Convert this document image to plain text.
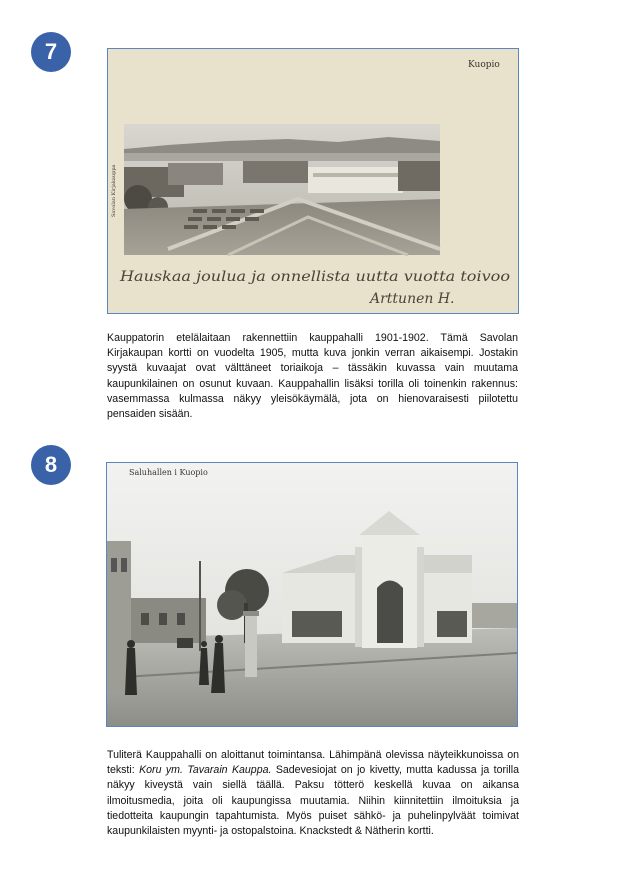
7
Kuopio
Savolan Kirjakauppa
Hauskaa joulua ja onnellista uutta vuotta toivoo
Arttunen H.

Kauppatorin etelälaitaan rakennettiin kauppahalli 1901-1902. Tämä Savolan Kirjakaupan kortti on vuodelta 1905, mutta kuva jonkin verran aikaisempi. Jostakin syystä kuvaajat ovat välttäneet toriaikoja – tässäkin kuvassa vain muutama kaupunkilainen on osunut kuvaan. Kauppahallin lisäksi torilla oli toinenkin rakennus: vasemmassa kulmassa näkyy yleisökäymälä, jota on hienovaraisesti piilotettu pensaiden sisään.

8	Saluhallen i Kuopio

Tuliterä Kauppahalli on aloittanut toimintansa. Lähimpänä olevissa näyteikkunoissa on teksti: Koru ym. Tavarain Kauppa. Sadevesiojat on jo kivetty, mutta kadussa ja torilla näkyy kiveystä vain siellä täällä. Paksu tötterö keskellä kuvaa on aikansa ilmoitusmedia, joita oli kaupungissa muutamia. Niihin kiinnitettiin ilmoituksia ja tiedotteita kaupungin tapahtumista. Myös puiset sähkö- ja puhelinpylväät toimivat kaupunkilaisten myynti- ja ostopalstoina. Knackstedt & Nätherin kortti.
